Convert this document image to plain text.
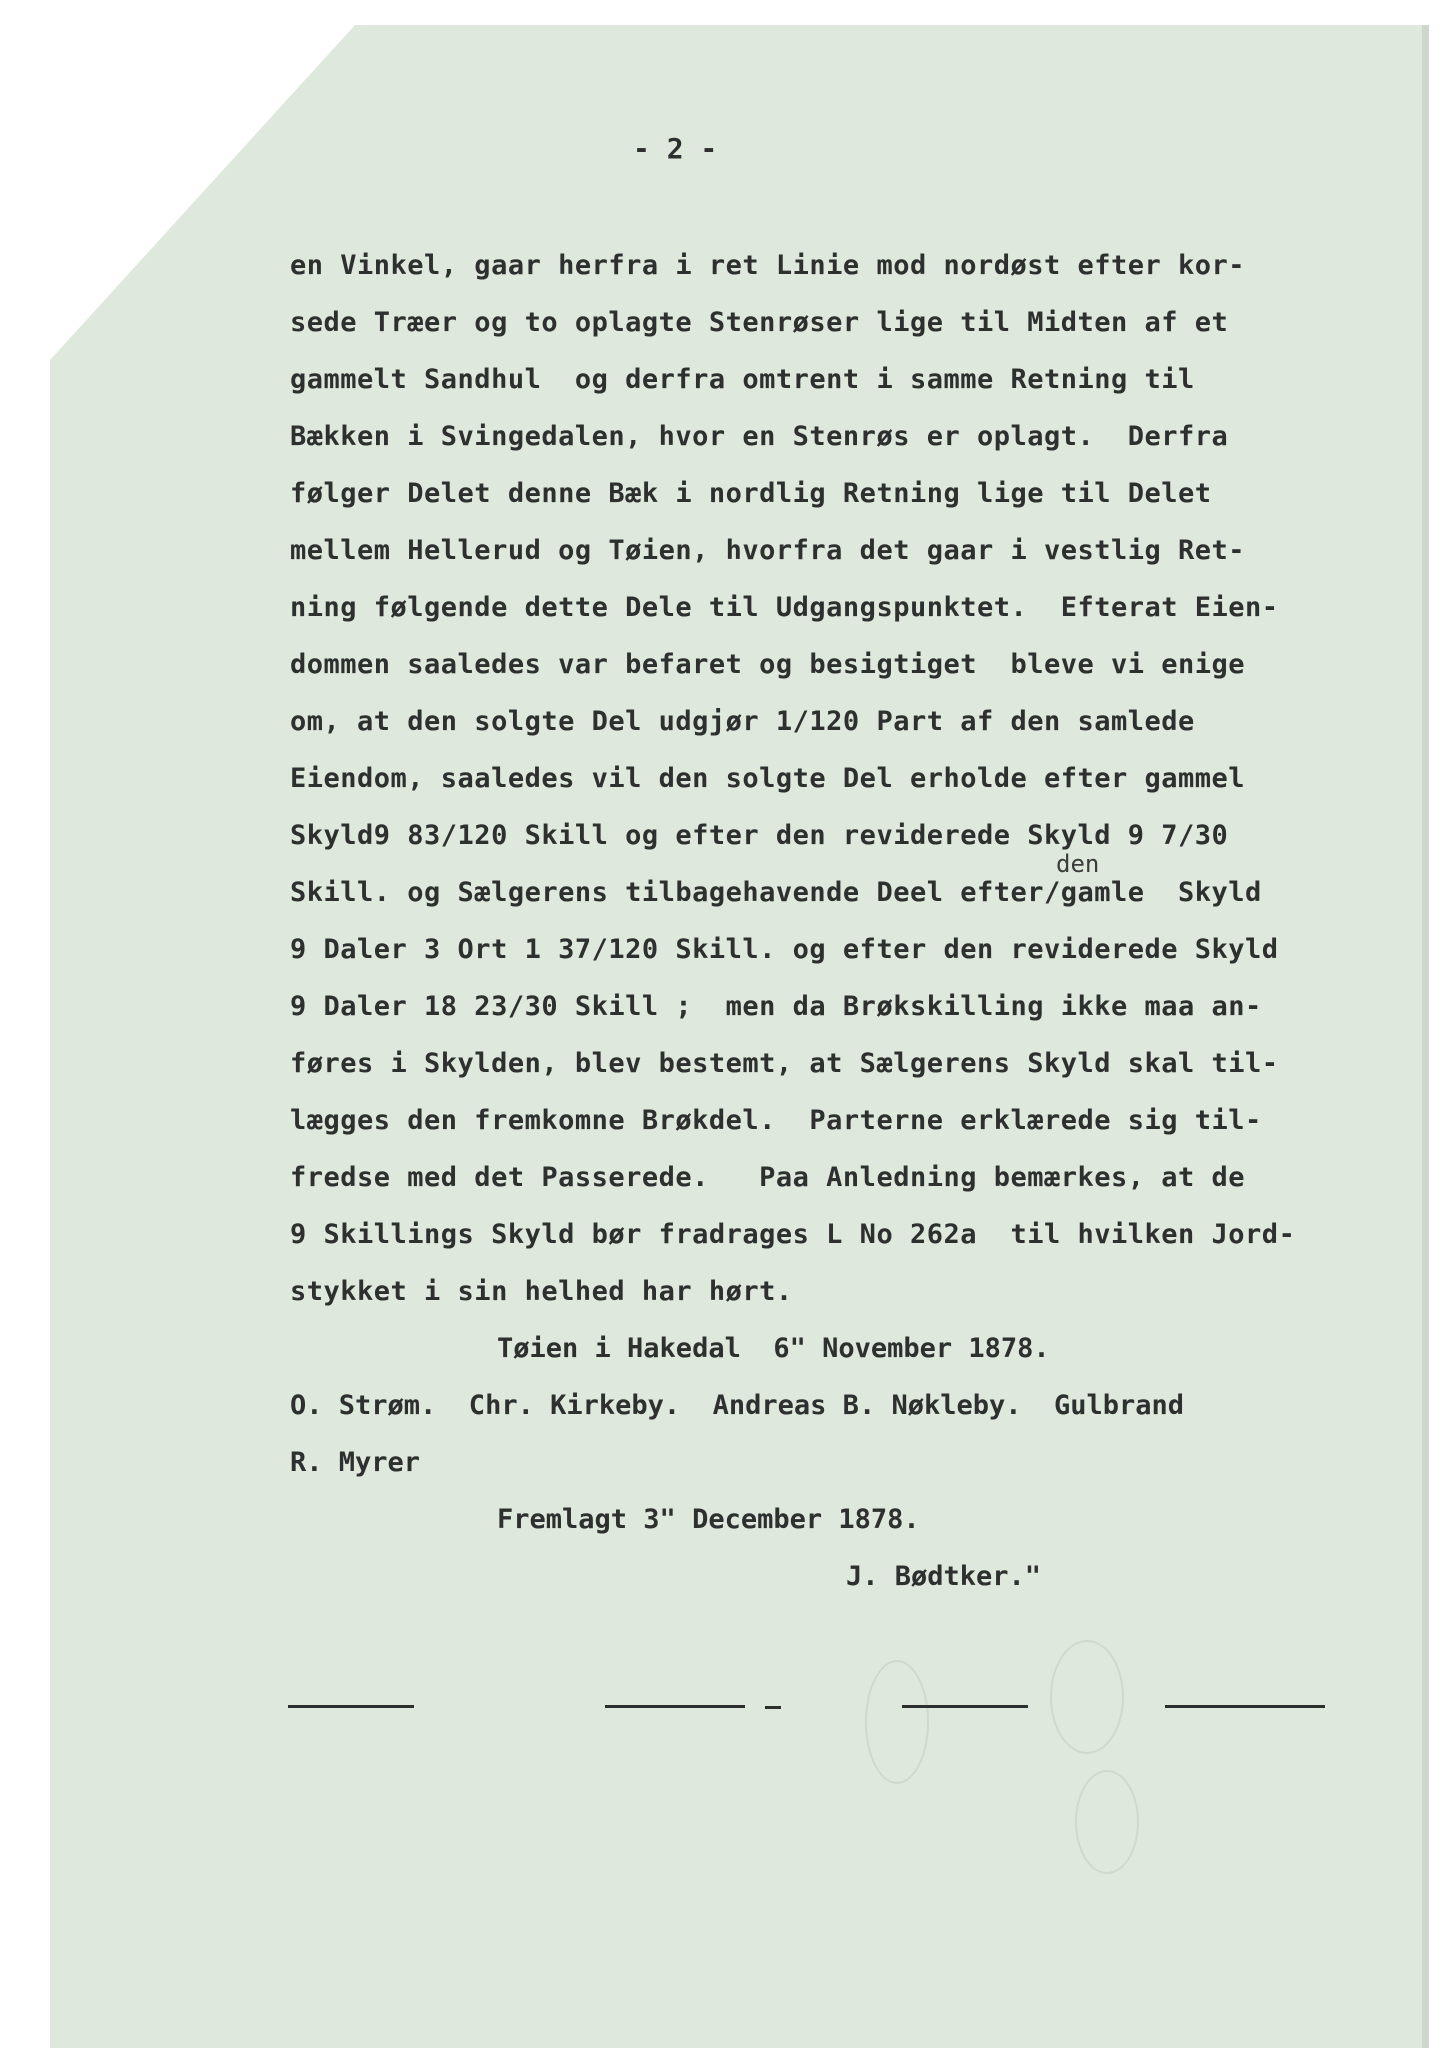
- 2 -
en Vinkel, gaar herfra i ret Linie mod nordøst efter kor-
sede Træer og to oplagte Stenrøser lige til Midten af et
gammelt Sandhul  og derfra omtrent i samme Retning til
Bækken i Svingedalen, hvor en Stenrøs er oplagt.  Derfra
følger Delet denne Bæk i nordlig Retning lige til Delet
mellem Hellerud og Tøien, hvorfra det gaar i vestlig Ret-
ning følgende dette Dele til Udgangspunktet.  Efterat Eien-
dommen saaledes var befaret og besigtiget  bleve vi enige
om, at den solgte Del udgjør 1/120 Part af den samlede
Eiendom, saaledes vil den solgte Del erholde efter gammel
Skyld9 83/120 Skill og efter den reviderede Skyld 9 7/30
Skill. og Sælgerens tilbagehavende Deel efter/gamle  Skyld
9 Daler 3 Ort 1 37/120 Skill. og efter den reviderede Skyld
9 Daler 18 23/30 Skill ;  men da Brøkskilling ikke maa an-
føres i Skylden, blev bestemt, at Sælgerens Skyld skal til-
lægges den fremkomne Brøkdel.  Parterne erklærede sig til-
fredse med det Passerede.   Paa Anledning bemærkes, at de
9 Skillings Skyld bør fradrages L No 262a  til hvilken Jord-
stykket i sin helhed har hørt.
den
Tøien i Hakedal  6" November 1878.
O. Strøm.  Chr. Kirkeby.  Andreas B. Nøkleby.  Gulbrand
R. Myrer
Fremlagt 3" December 1878.
J. Bødtker."
